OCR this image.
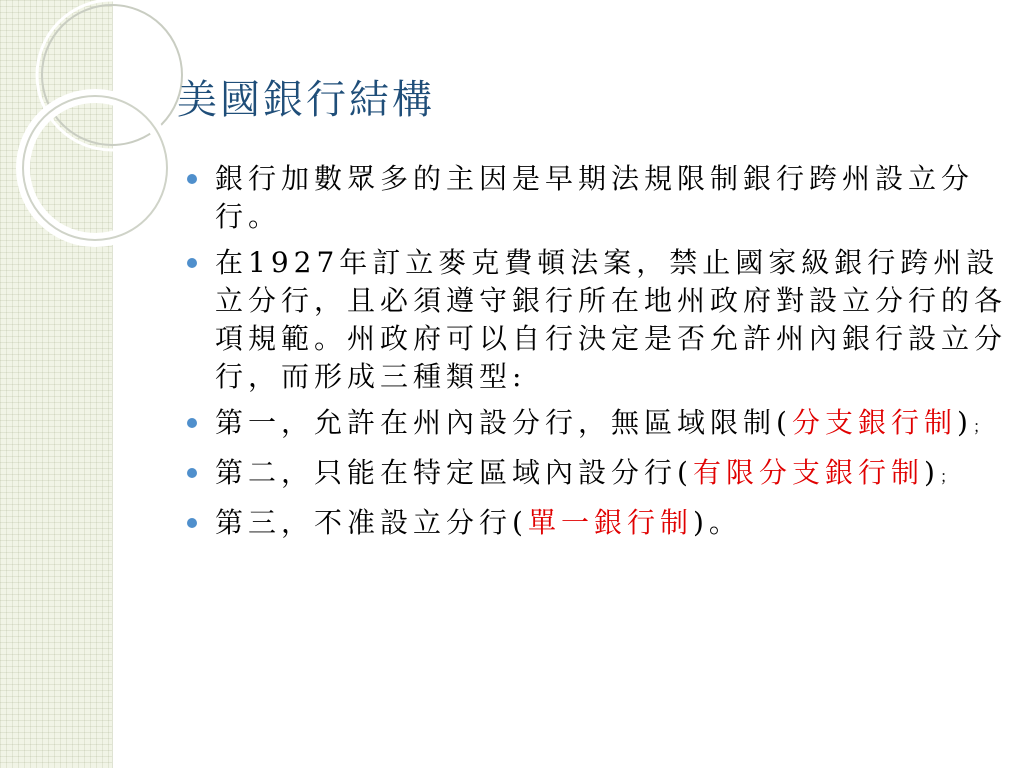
美國銀行結構
銀行加數眾多的主因是早期法規限制銀行跨州設立分行。
在1927年訂立麥克費頓法案，禁止國家級銀行跨州設立分行，且必須遵守銀行所在地州政府對設立分行的各項規範。州政府可以自行決定是否允許州內銀行設立分行，而形成三種類型:
第一，允許在州內設分行，無區域限制(分支銀行制)；
第二，只能在特定區域內設分行(有限分支銀行制)；
第三，不准設立分行(單一銀行制)。
